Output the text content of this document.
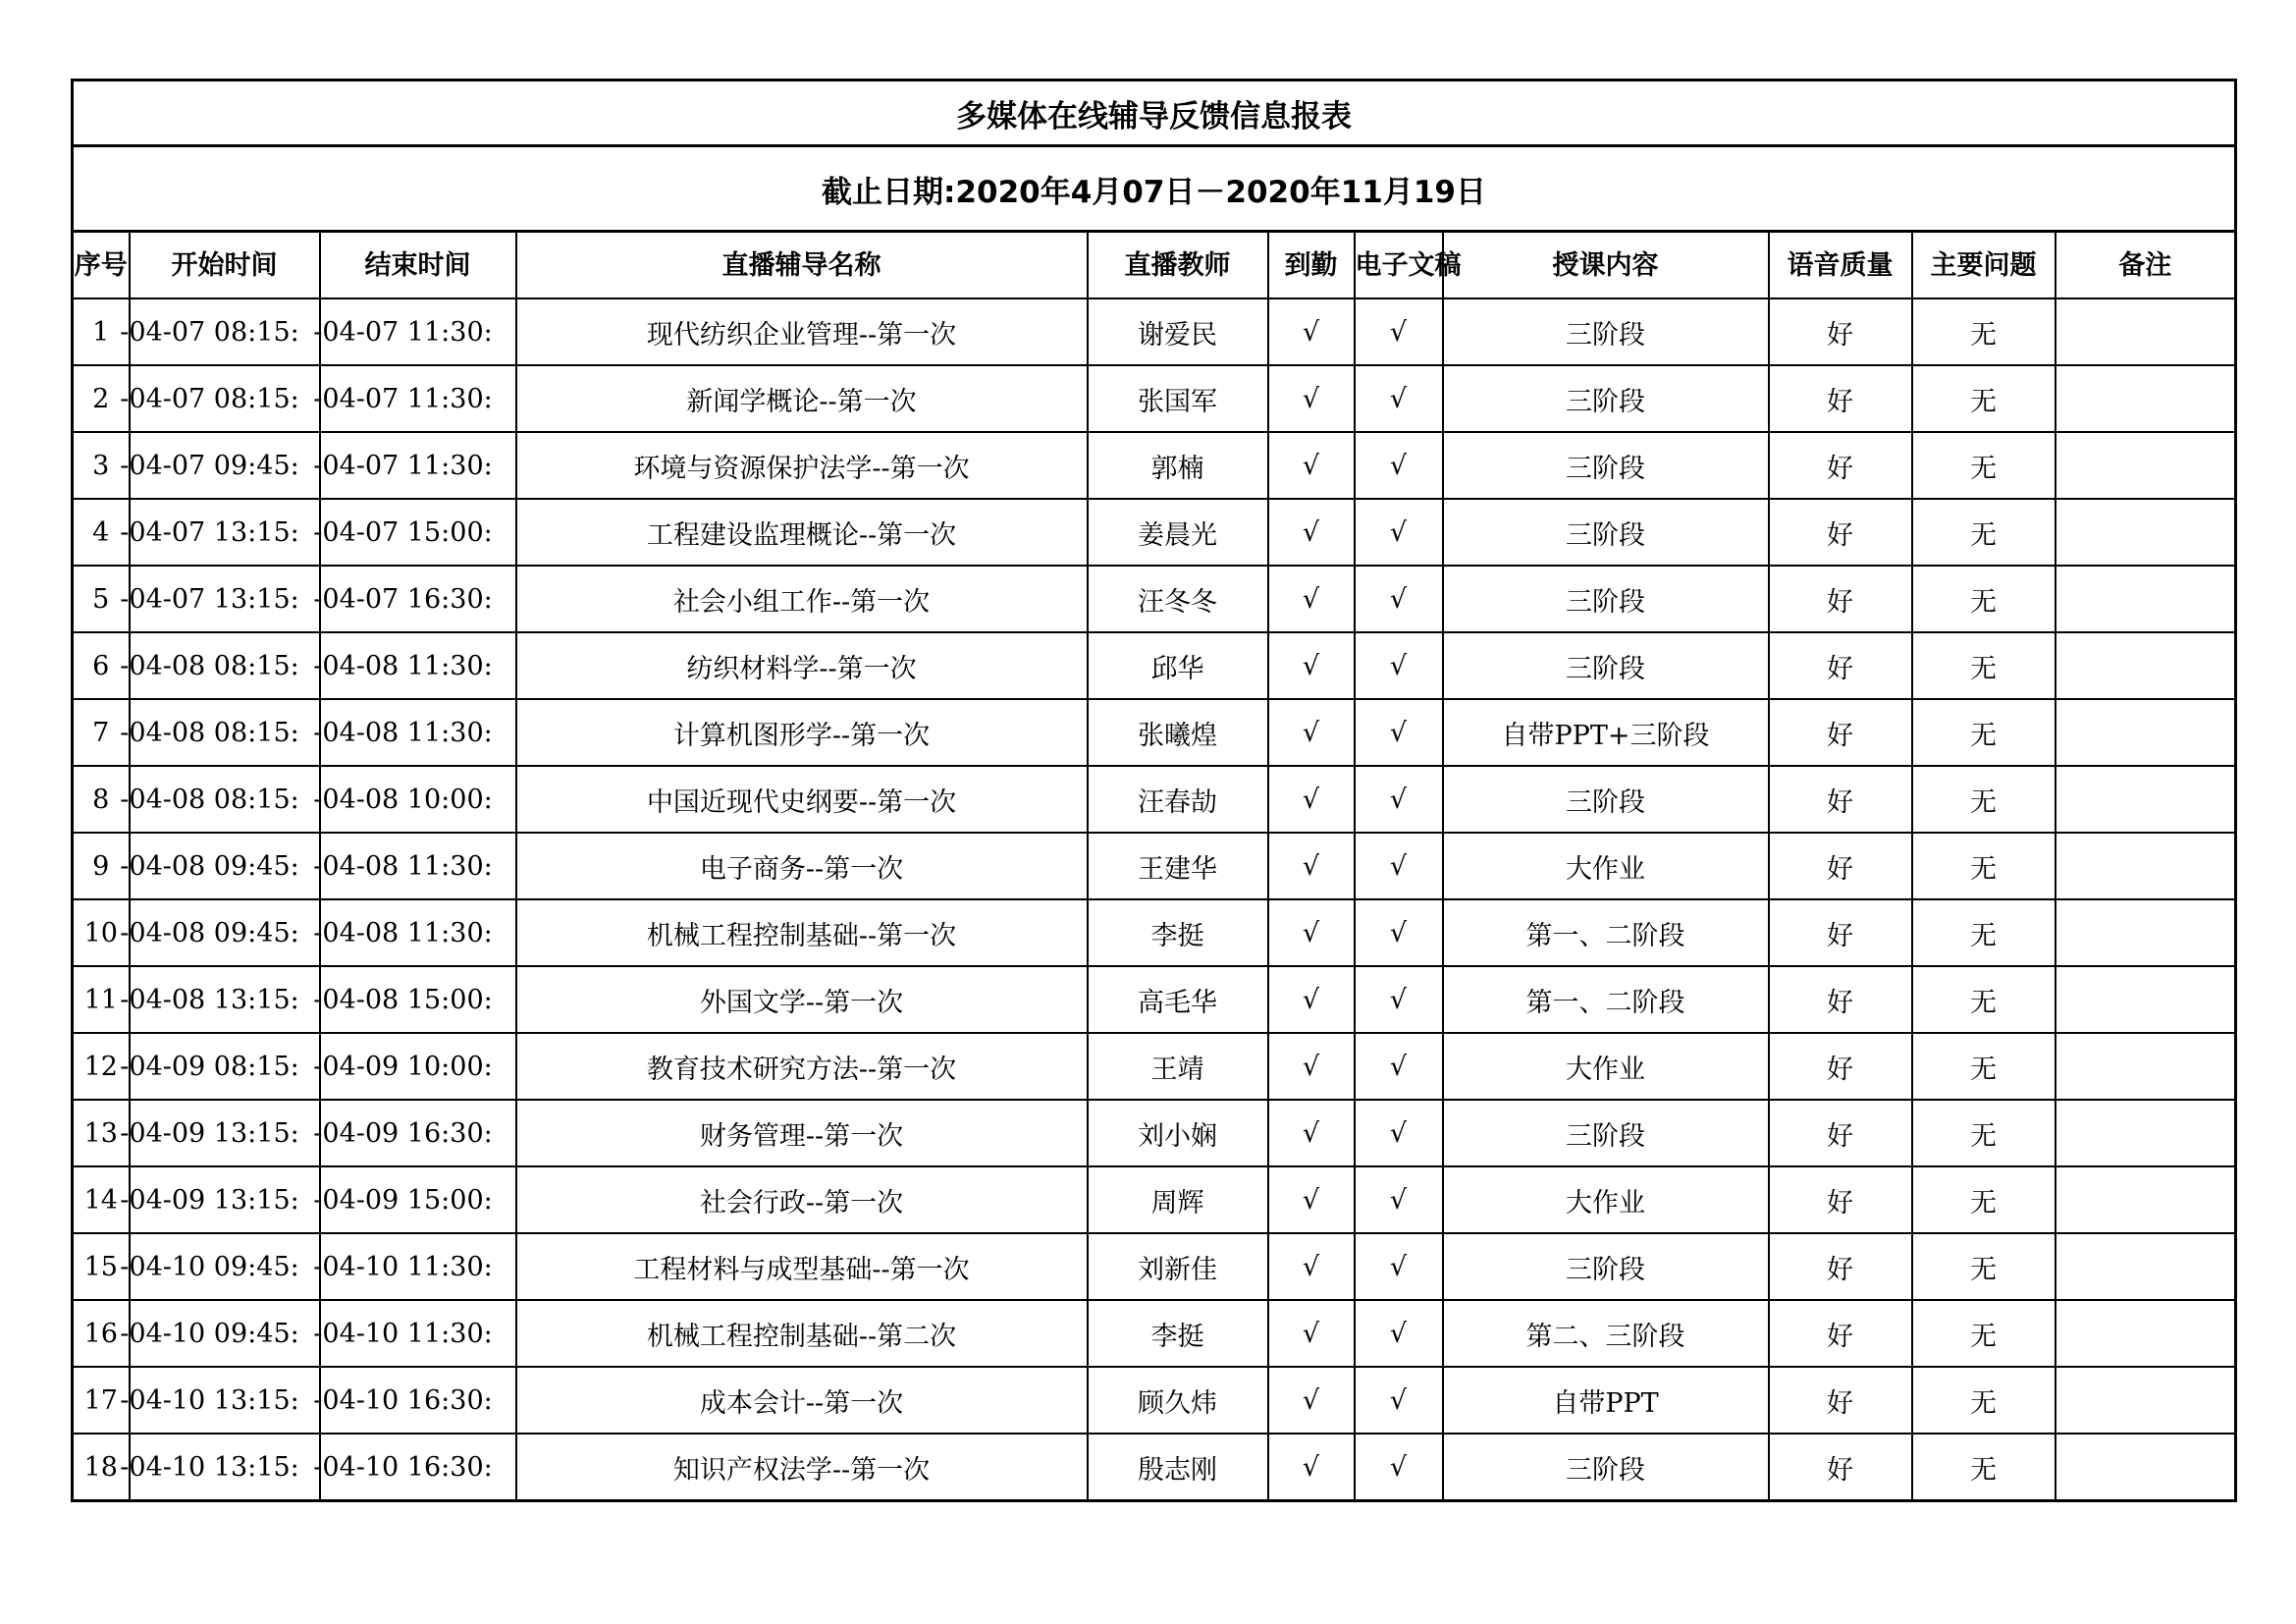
多媒体在线辅导反馈信息报表										
截止日期:2020年4月07日－2020年11月19日										
序号	开始时间	结束时间	直播辅导名称	直播教师	到勤	电子文稿	授课内容	语音质量	主要问题	备注
1	-04-07 08:15:	-04-07 11:30:	现代纺织企业管理--第一次	谢爱民	√	√	三阶段	好	无	
2	-04-07 08:15:	-04-07 11:30:	新闻学概论--第一次	张国军	√	√	三阶段	好	无	
3	-04-07 09:45:	-04-07 11:30:	环境与资源保护法学--第一次	郭楠	√	√	三阶段	好	无	
4	-04-07 13:15:	-04-07 15:00:	工程建设监理概论--第一次	姜晨光	√	√	三阶段	好	无	
5	-04-07 13:15:	-04-07 16:30:	社会小组工作--第一次	汪冬冬	√	√	三阶段	好	无	
6	-04-08 08:15:	-04-08 11:30:	纺织材料学--第一次	邱华	√	√	三阶段	好	无	
7	-04-08 08:15:	-04-08 11:30:	计算机图形学--第一次	张曦煌	√	√	自带PPT+三阶段	好	无	
8	-04-08 08:15:	-04-08 10:00:	中国近现代史纲要--第一次	汪春劼	√	√	三阶段	好	无	
9	-04-08 09:45:	-04-08 11:30:	电子商务--第一次	王建华	√	√	大作业	好	无	
10	-04-08 09:45:	-04-08 11:30:	机械工程控制基础--第一次	李挺	√	√	第一、二阶段	好	无	
11	-04-08 13:15:	-04-08 15:00:	外国文学--第一次	高毛华	√	√	第一、二阶段	好	无	
12	-04-09 08:15:	-04-09 10:00:	教育技术研究方法--第一次	王靖	√	√	大作业	好	无	
13	-04-09 13:15:	-04-09 16:30:	财务管理--第一次	刘小娴	√	√	三阶段	好	无	
14	-04-09 13:15:	-04-09 15:00:	社会行政--第一次	周辉	√	√	大作业	好	无	
15	-04-10 09:45:	-04-10 11:30:	工程材料与成型基础--第一次	刘新佳	√	√	三阶段	好	无	
16	-04-10 09:45:	-04-10 11:30:	机械工程控制基础--第二次	李挺	√	√	第二、三阶段	好	无	
17	-04-10 13:15:	-04-10 16:30:	成本会计--第一次	顾久炜	√	√	自带PPT	好	无	
18	-04-10 13:15:	-04-10 16:30:	知识产权法学--第一次	殷志刚	√	√	三阶段	好	无	
